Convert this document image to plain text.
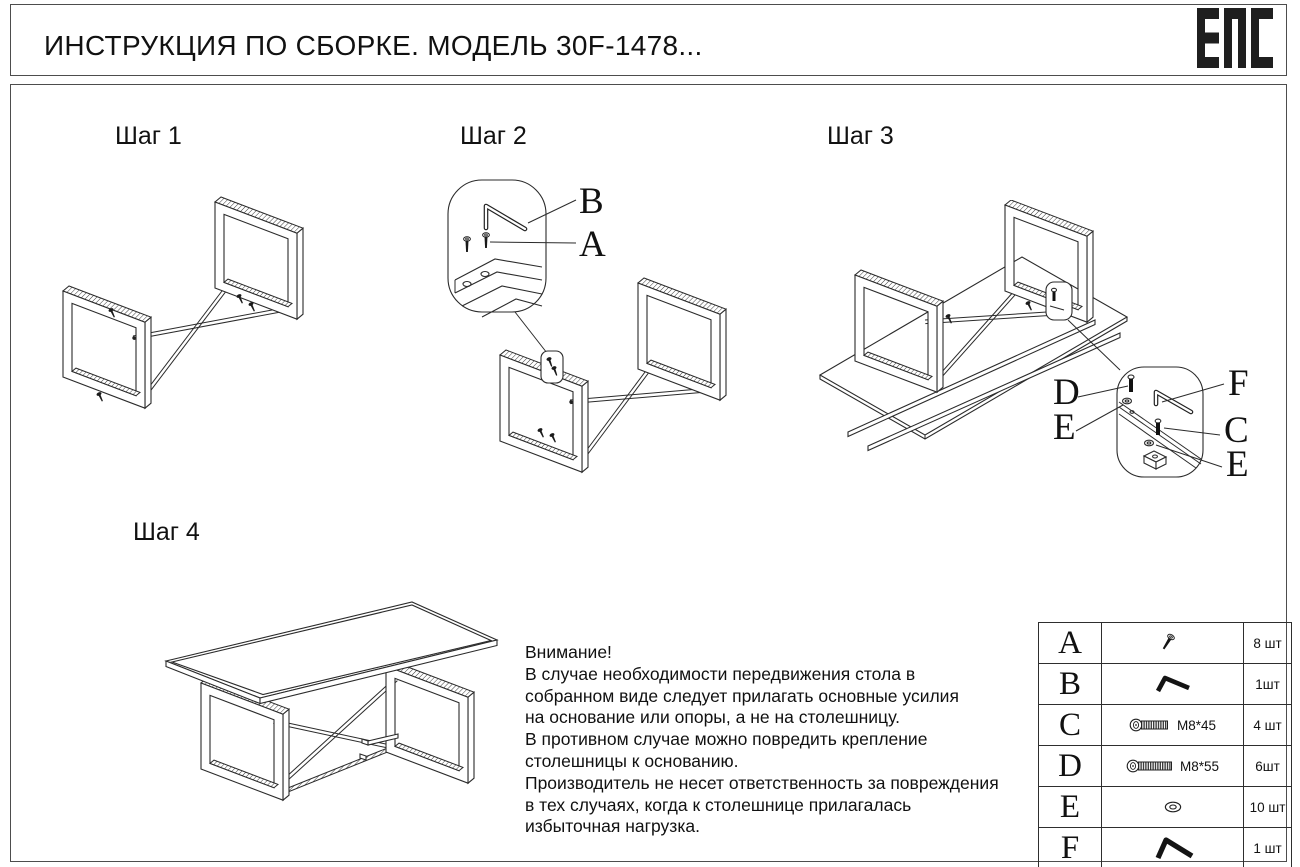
ИНСТРУКЦИЯ ПО СБОРКЕ. МОДЕЛЬ 30F-1478...
Шаг 1	Шаг 2	Шаг 3
Шаг 4
B
A
D
E
F
C
E
Внимание!
В случае необходимости передвижения стола в
собранном виде следует прилагать основные усилия
на основание или опоры, а не на столешницу.
В противном случае можно повредить крепление
столешницы к основанию.
Производитель не несет ответственность за повреждения
в тех случаях, когда к столешнице прилагалась
избыточная нагрузка.
A		8 шт
B		1шт
C	M8*45	4 шт
D	M8*55	6шт
E		10 шт
F		1 шт
